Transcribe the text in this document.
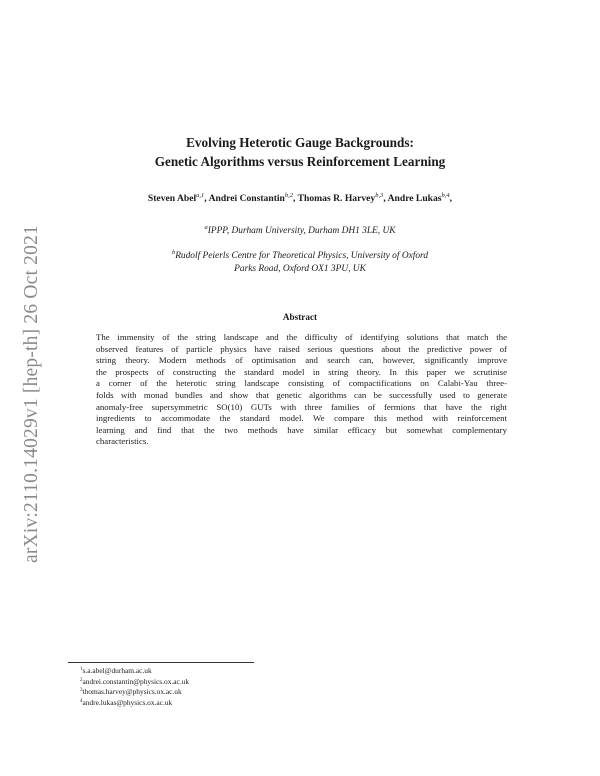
arXiv:2110.14029v1 [hep-th] 26 Oct 2021
Evolving Heterotic Gauge Backgrounds:
Genetic Algorithms versus Reinforcement Learning
Steven Abel$^{a,1}$, Andrei Constantin$^{b,2}$, Thomas R. Harvey$^{b,3}$, Andre Lukas$^{b,4}$,
$^a$IPPP, Durham University, Durham DH1 3LE, UK
$^b$Rudolf Peierls Centre for Theoretical Physics, University of Oxford
Parks Road, Oxford OX1 3PU, UK
Abstract
The immensity of the string landscape and the difficulty of identifying solutions that match the
observed features of particle physics have raised serious questions about the predictive power of
string theory. Modern methods of optimisation and search can, however, significantly improve
the prospects of constructing the standard model in string theory. In this paper we scrutinise
a corner of the heterotic string landscape consisting of compactifications on Calabi-Yau three-
folds with monad bundles and show that genetic algorithms can be successfully used to generate
anomaly-free supersymmetric SO(10) GUTs with three families of fermions that have the right
ingredients to accommodate the standard model. We compare this method with reinforcement
learning and find that the two methods have similar efficacy but somewhat complementary
characteristics.
$^1$s.a.abel@durham.ac.uk
$^2$andrei.constantin@physics.ox.ac.uk
$^3$thomas.harvey@physics.ox.ac.uk
$^4$andre.lukas@physics.ox.ac.uk
